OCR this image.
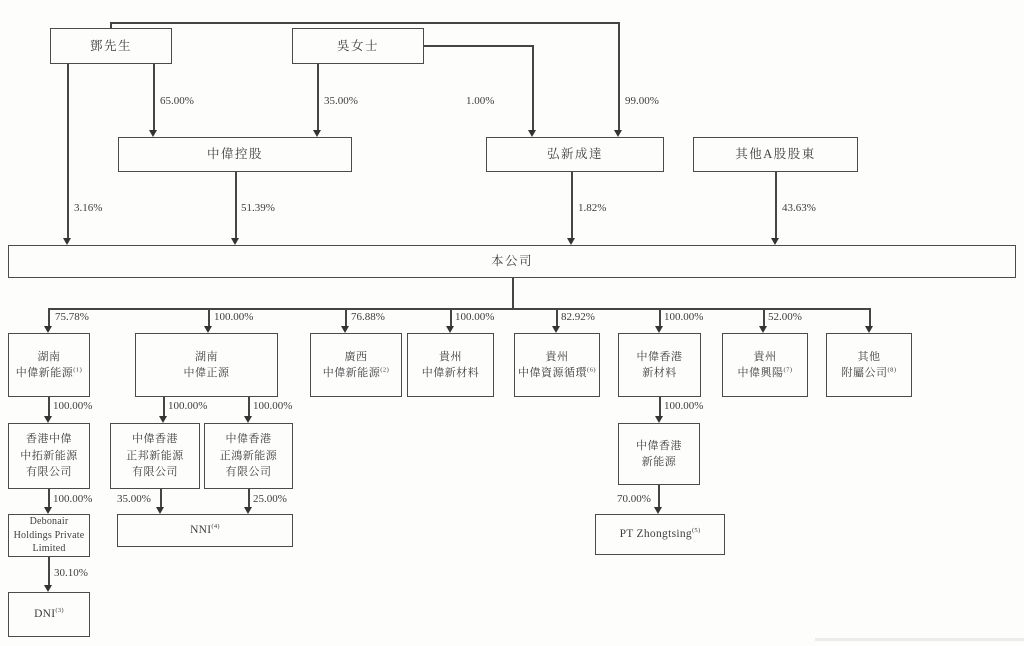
65.00%	35.00%	1.00%	99.00%
3.16%	51.39%	1.82%	43.63%
75.78%	100.00%	76.88%	100.00%	82.92%	100.00%	52.00%
100.00%	100.00%	100.00%	100.00%
100.00% 35.00%	25.00%	70.00%
30.10%
鄧先生	吳女士
中偉控股	弘新成達	其他A股股東
本公司
湖南
中偉新能源$^{(1)}$
湖南
中偉正源
廣西
中偉新能源$^{(2)}$
貴州
中偉新材料
貴州
中偉資源循環$^{(6)}$
中偉香港
新材料
貴州
中偉興陽$^{(7)}$
其他
附屬公司$^{(8)}$
香港中偉
中拓新能源
有限公司
中偉香港
正邦新能源
有限公司
中偉香港
正鴻新能源
有限公司
中偉香港
新能源
Debonair
Holdings Private
Limited
NNI$^{(4)}$
PT Zhongtsing$^{(5)}$
DNI$^{(3)}$
